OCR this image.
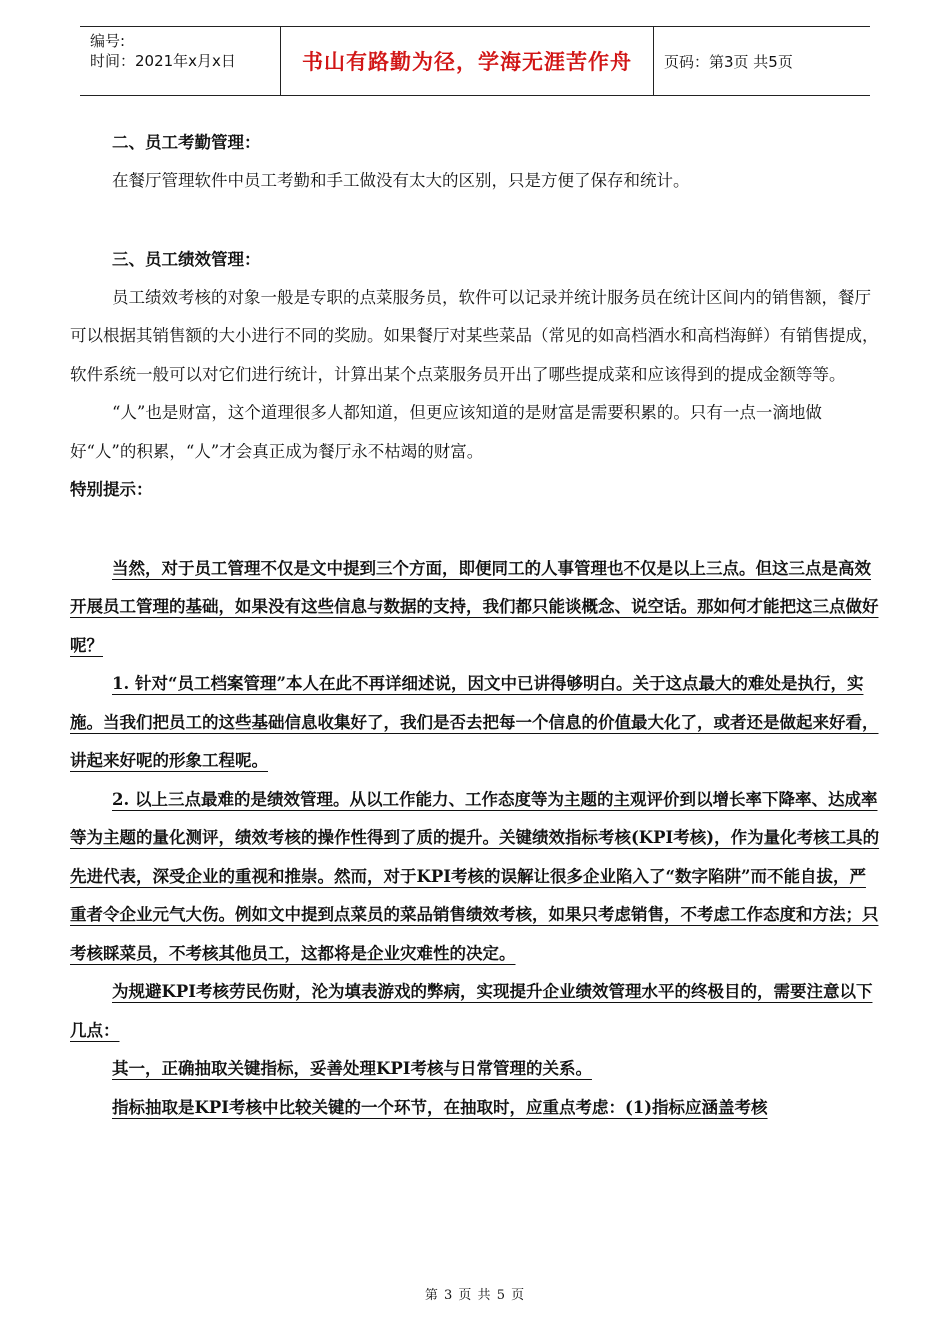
编号:
时间：2021年x月x日	书山有路勤为径，学海无涯苦作舟	页码：第3页 共5页
二、员工考勤管理：
在餐厅管理软件中员工考勤和手工做没有太大的区别，只是方便了保存和统计。
三、员工绩效管理：
员工绩效考核的对象一般是专职的点菜服务员，软件可以记录并统计服务员在统计区间内的销售额，餐厅可以根据其销售额的大小进行不同的奖励。如果餐厅对某些菜品（常见的如高档酒水和高档海鲜）有销售提成，软件系统一般可以对它们进行统计，计算出某个点菜服务员开出了哪些提成菜和应该得到的提成金额等等。
“人”也是财富，这个道理很多人都知道，但更应该知道的是财富是需要积累的。只有一点一滴地做好“人”的积累，“人”才会真正成为餐厅永不枯竭的财富。
特别提示：
当然，对于员工管理不仅是文中提到三个方面，即便同工的人事管理也不仅是以上三点。但这三点是高效开展员工管理的基础，如果没有这些信息与数据的支持，我们都只能谈概念、说空话。那如何才能把这三点做好呢？
1. 针对“员工档案管理”本人在此不再详细述说，因文中已讲得够明白。关于这点最大的难处是执行，实施。当我们把员工的这些基础信息收集好了，我们是否去把每一个信息的价值最大化了，或者还是做起来好看，讲起来好呢的形象工程呢。
2. 以上三点最难的是绩效管理。从以工作能力、工作态度等为主题的主观评价到以增长率下降率、达成率等为主题的量化测评，绩效考核的操作性得到了质的提升。关键绩效指标考核(KPI考核)，作为量化考核工具的先进代表，深受企业的重视和推崇。然而，对于KPI考核的误解让很多企业陷入了“数字陷阱”而不能自拔，严重者令企业元气大伤。例如文中提到点菜员的菜品销售绩效考核，如果只考虑销售，不考虑工作态度和方法；只考核睬菜员，不考核其他员工，这都将是企业灾难性的决定。
为规避KPI考核劳民伤财，沦为填表游戏的弊病，实现提升企业绩效管理水平的终极目的，需要注意以下几点：
其一，正确抽取关键指标，妥善处理KPI考核与日常管理的关系。
指标抽取是KPI考核中比较关键的一个环节，在抽取时，应重点考虑：(1)指标应涵盖考核
第 3 页 共 5 页
